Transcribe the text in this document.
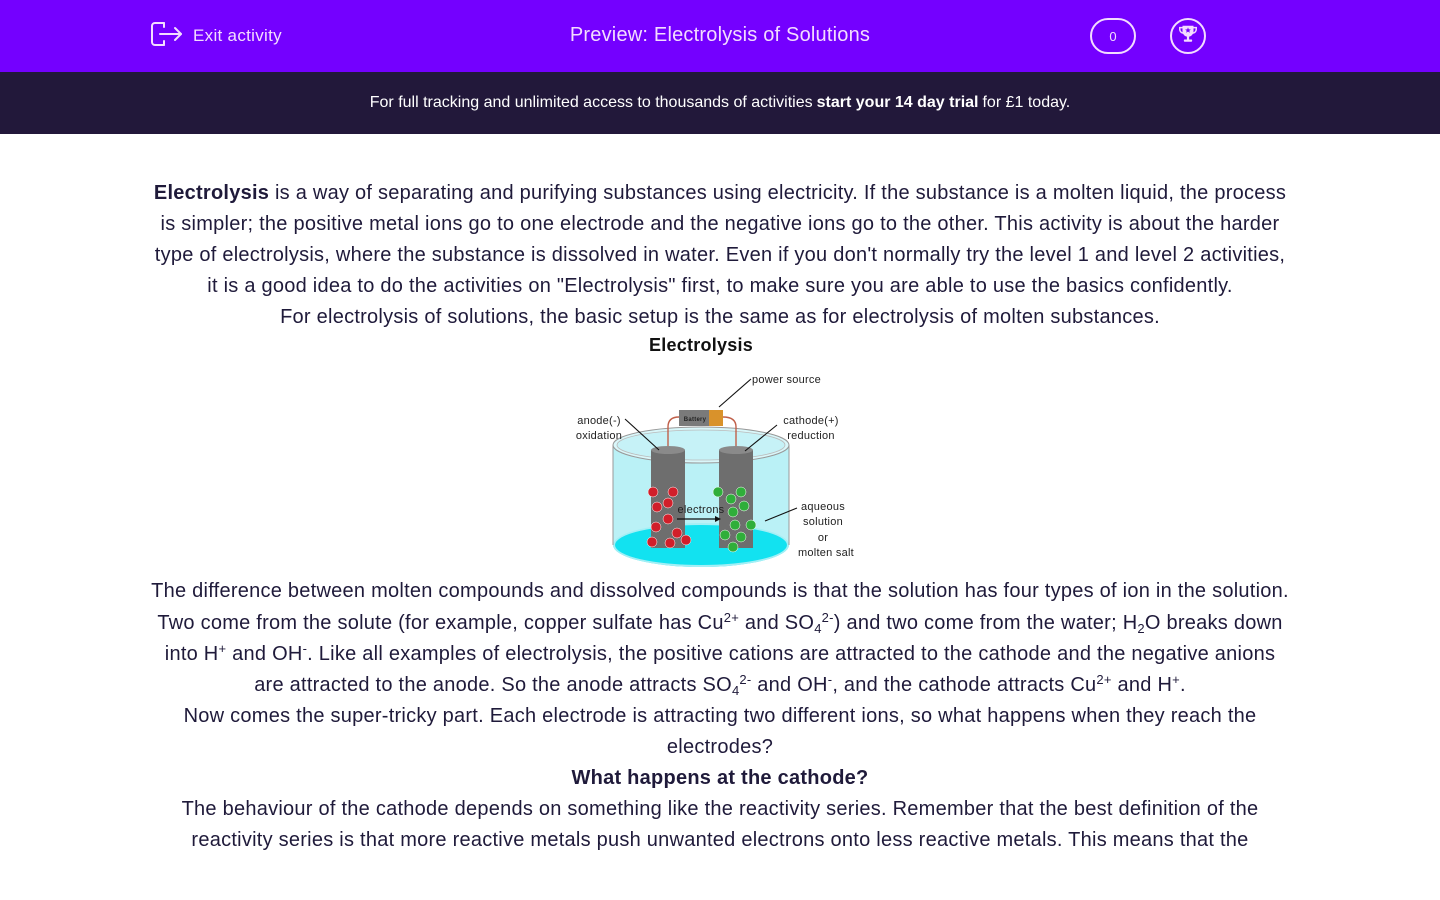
Exit activity	Preview: Electrolysis of Solutions	0
For full tracking and unlimited access to thousands of activities start your 14 day trial for £1 today.

Electrolysis is a way of separating and purifying substances using electricity. If the substance is a molten liquid, the process is simpler; the positive metal ions go to one electrode and the negative ions go to the other. This activity is about the harder type of electrolysis, where the substance is dissolved in water. Even if you don't normally try the level 1 and level 2 activities, it is a good idea to do the activities on "Electrolysis" first, to make sure you are able to use the basics confidently.

For electrolysis of solutions, the basic setup is the same as for electrolysis of molten substances.

Electrolysis
Battery
electrons
power source
anode(-)
oxidation
cathode(+)
reduction
aqueous
solution
or
molten salt

The difference between molten compounds and dissolved compounds is that the solution has four types of ion in the solution. Two come from the solute (for example, copper sulfate has $Cu^{2+}$ and $SO_4^{2-}$) and two come from the water; $H_2O$ breaks down into H+ and OH-. Like all examples of electrolysis, the positive cations are attracted to the cathode and the negative anions are attracted to the anode. So the anode attracts $SO_4^{2-}$ and OH-, and the cathode attracts $Cu^{2+}$ and H+.

Now comes the super-tricky part. Each electrode is attracting two different ions, so what happens when they reach the electrodes?

What happens at the cathode?

The behaviour of the cathode depends on something like the reactivity series. Remember that the best definition of the reactivity series is that more reactive metals push unwanted electrons onto less reactive metals. This means that the
